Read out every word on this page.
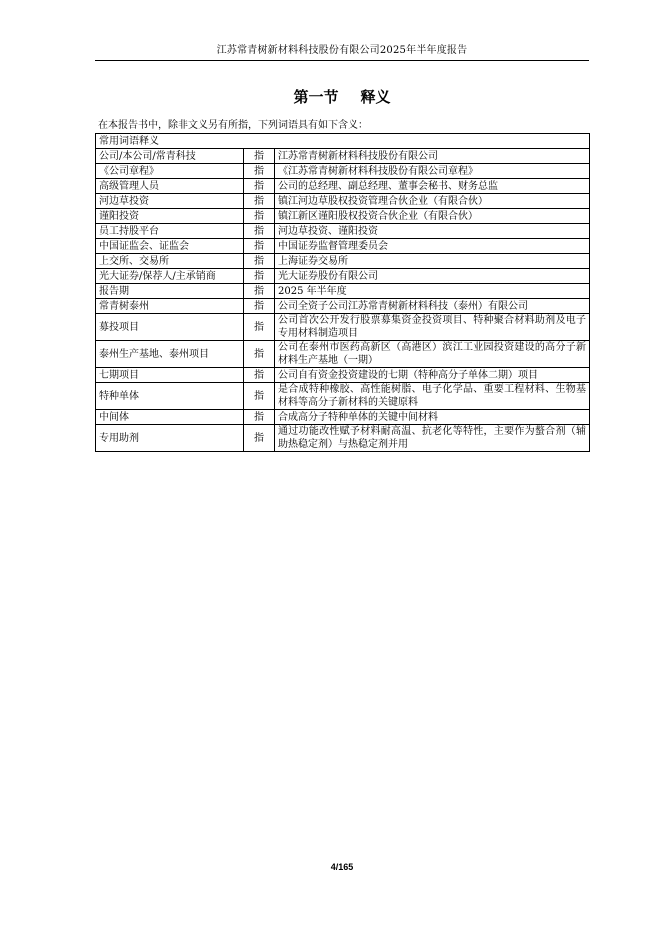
江苏常青树新材料科技股份有限公司2025年半年度报告
第一节 释义
在本报告书中，除非文义另有所指，下列词语具有如下含义：
常用词语释义		
公司/本公司/常青科技	指	江苏常青树新材料科技股份有限公司
《公司章程》	指	《江苏常青树新材料科技股份有限公司章程》
高级管理人员	指	公司的总经理、副总经理、董事会秘书、财务总监
河边草投资	指	镇江河边草股权投资管理合伙企业（有限合伙）
谨阳投资	指	镇江新区谨阳股权投资合伙企业（有限合伙）
员工持股平台	指	河边草投资、谨阳投资
中国证监会、证监会	指	中国证券监督管理委员会
上交所、交易所	指	上海证券交易所
光大证券/保荐人/主承销商	指	光大证券股份有限公司
报告期	指	2025 年半年度
常青树泰州	指	公司全资子公司江苏常青树新材料科技（泰州）有限公司
募投项目	指	公司首次公开发行股票募集资金投资项目、特种聚合材料助剂及电子专用材料制造项目
泰州生产基地、泰州项目	指	公司在泰州市医药高新区（高港区）滨江工业园投资建设的高分子新材料生产基地（一期）
七期项目	指	公司自有资金投资建设的七期（特种高分子单体二期）项目
特种单体	指	是合成特种橡胶、高性能树脂、电子化学品、重要工程材料、生物基材料等高分子新材料的关键原料
中间体	指	合成高分子特种单体的关键中间材料
专用助剂	指	通过功能改性赋予材料耐高温、抗老化等特性，主要作为螯合剂（辅助热稳定剂）与热稳定剂并用
4/165
